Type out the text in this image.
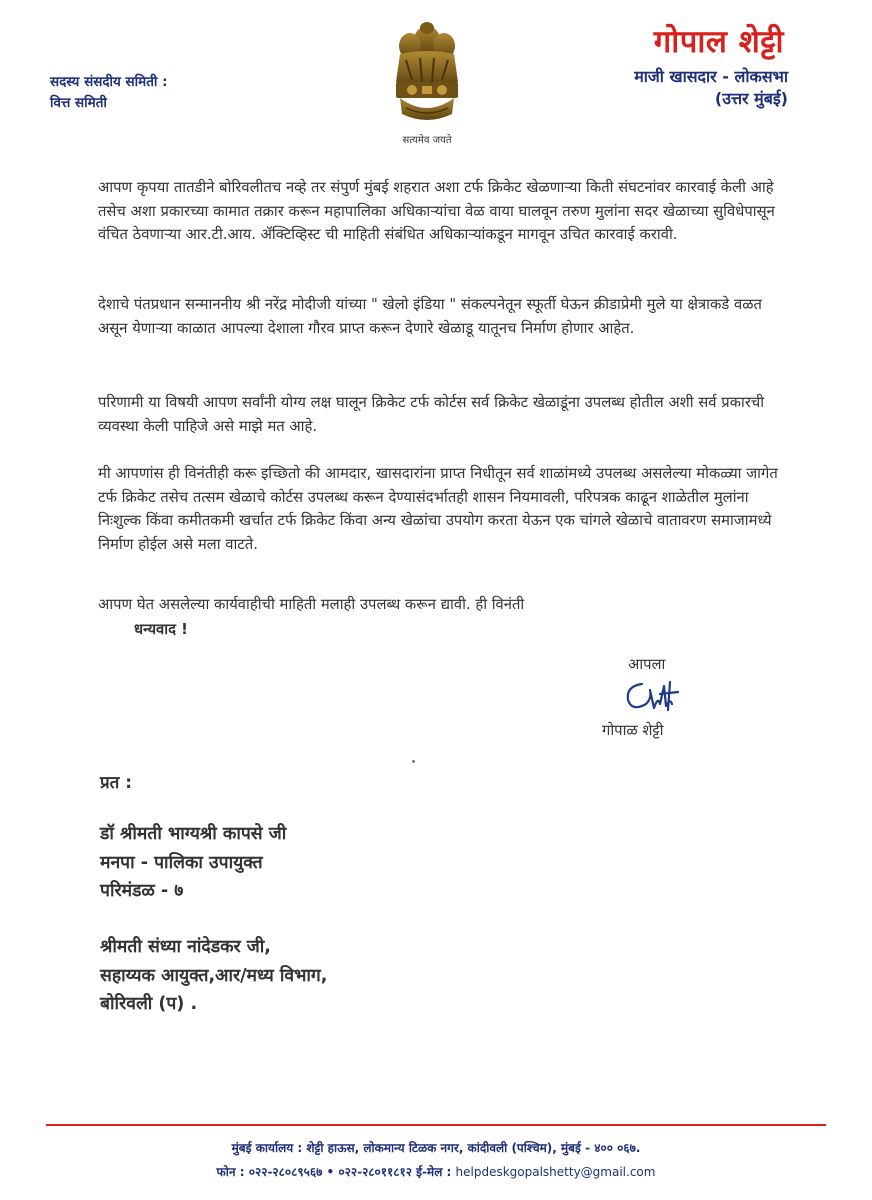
सदस्य संसदीय समिती :
वित्त समिती
सत्यमेव जयते
गोपाल शेट्टी
माजी खासदार - लोकसभा
(उत्तर मुंबई)
आपण कृपया तातडीने बोरिवलीतच नव्हे तर संपुर्ण मुंबई शहरात अशा टर्फ क्रिकेट खेळणाऱ्या किती संघटनांवर कारवाई केली आहे तसेच अशा प्रकारच्या कामात तक्रार करून महापालिका अधिकाऱ्यांचा वेळ वाया घालवून तरुण मुलांना सदर खेळाच्या सुविधेपासून वंचित ठेवणाऱ्या आर.टी.आय. ॲक्टिव्हिस्ट ची माहिती संबंधित अधिकाऱ्यांकडून मागवून उचित कारवाई करावी.
देशाचे पंतप्रधान सन्माननीय श्री नरेंद्र मोदीजी यांच्या " खेलो इंडिया " संकल्पनेतून स्फूर्ती घेऊन क्रीडाप्रेमी मुले या क्षेत्राकडे वळत असून येणाऱ्या काळात आपल्या देशाला गौरव प्राप्त करून देणारे खेळाडू यातूनच निर्माण होणार आहेत.
परिणामी या विषयी आपण सर्वांनी योग्य लक्ष घालून क्रिकेट टर्फ कोर्टस सर्व क्रिकेट खेळाडूंना उपलब्ध होतील अशी सर्व प्रकारची व्यवस्था केली पाहिजे असे माझे मत आहे.
मी आपणांस ही विनंतीही करू इच्छितो की आमदार, खासदारांना प्राप्त निधीतून सर्व शाळांमध्ये उपलब्ध असलेल्या मोकळ्या जागेत टर्फ क्रिकेट तसेच तत्सम खेळाचे कोर्टस उपलब्ध करून देण्यासंदर्भातही शासन नियमावली, परिपत्रक काढून शाळेतील मुलांना निःशुल्क किंवा कमीतकमी खर्चात टर्फ क्रिकेट किंवा अन्य खेळांचा उपयोग करता येऊन एक चांगले खेळाचे वातावरण समाजामध्ये निर्माण होईल असे मला वाटते.
आपण घेत असलेल्या कार्यवाहीची माहिती मलाही उपलब्ध करून द्यावी. ही विनंती
धन्यवाद !
आपला
गोपाळ शेट्टी
प्रत :
डॉ श्रीमती भाग्यश्री कापसे जी
मनपा - पालिका उपायुक्त
परिमंडळ - ७
श्रीमती संध्या नांदेडकर जी,
सहाय्यक आयुक्त,आर/मध्य विभाग,
बोरिवली (प) .
मुंबई कार्यालय : शेट्टी हाऊस, लोकमान्य टिळक नगर, कांदीवली (पश्चिम), मुंबई - ४०० ०६७.
फोन : ०२२-२८०८९५६७ • ०२२-२८०११८१२ ई-मेल : helpdeskgopalshetty@gmail.com
